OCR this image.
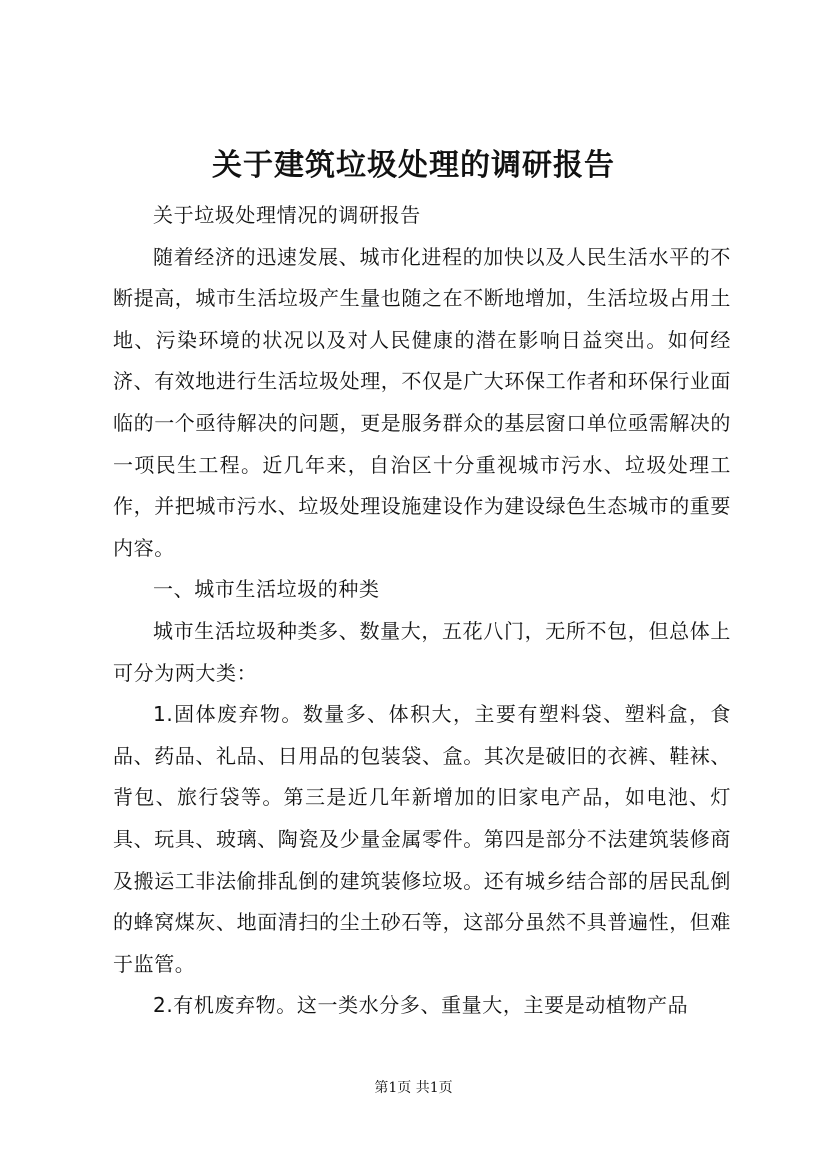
关于建筑垃圾处理的调研报告

关于垃圾处理情况的调研报告

随着经济的迅速发展、城市化进程的加快以及人民生活水平的不断提高，城市生活垃圾产生量也随之在不断地增加，生活垃圾占用土地、污染环境的状况以及对人民健康的潜在影响日益突出。如何经济、有效地进行生活垃圾处理，不仅是广大环保工作者和环保行业面临的一个亟待解决的问题，更是服务群众的基层窗口单位亟需解决的一项民生工程。近几年来，自治区十分重视城市污水、垃圾处理工作，并把城市污水、垃圾处理设施建设作为建设绿色生态城市的重要内容。

一、城市生活垃圾的种类

城市生活垃圾种类多、数量大，五花八门，无所不包，但总体上可分为两大类：

1.固体废弃物。数量多、体积大，主要有塑料袋、塑料盒，食品、药品、礼品、日用品的包装袋、盒。其次是破旧的衣裤、鞋袜、背包、旅行袋等。第三是近几年新增加的旧家电产品，如电池、灯具、玩具、玻璃、陶瓷及少量金属零件。第四是部分不法建筑装修商及搬运工非法偷排乱倒的建筑装修垃圾。还有城乡结合部的居民乱倒的蜂窝煤灰、地面清扫的尘土砂石等，这部分虽然不具普遍性，但难于监管。

2.有机废弃物。这一类水分多、重量大，主要是动植物产品

第1页 共1页
